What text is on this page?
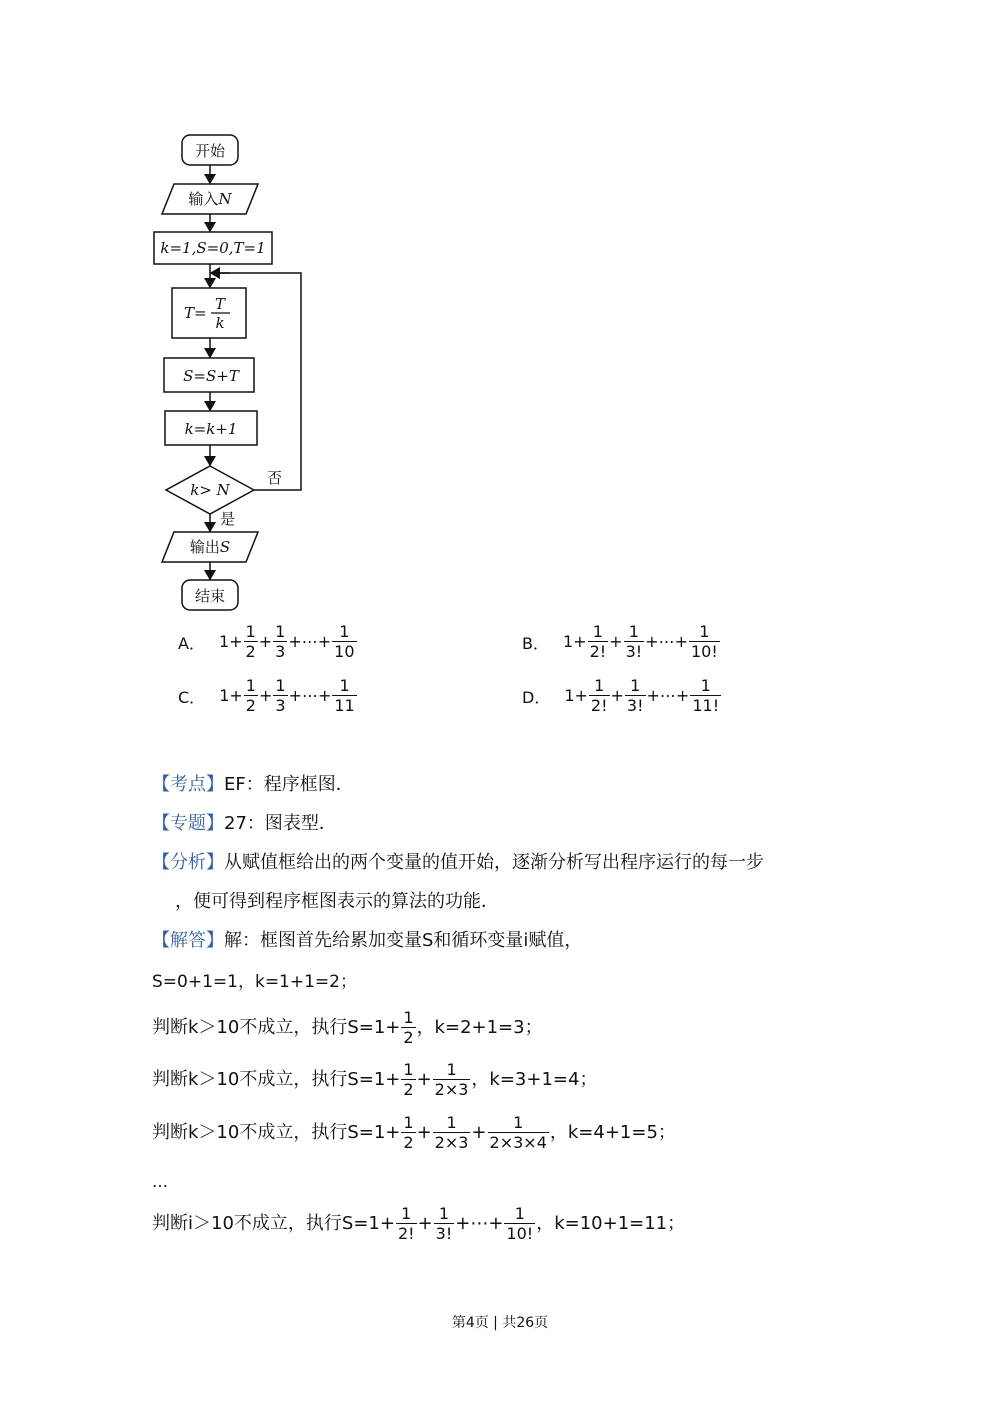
开始
输入N
k=1,S=0,T=1
T= T
k
S=S+T
k=k+1
k> N
否
是
输出S
结束
A． $1+ \frac{1}{2} + \frac{1}{3}$ +⋯+ $\frac{1}{10}$	B． $1+ \frac{1}{2!} + \frac{1}{3!}$ +⋯+ $\frac{1}{10!}$
C． $1+ \frac{1}{2} + \frac{1}{3}$ +⋯+ $\frac{1}{11}$	D． $1+ \frac{1}{2!} + \frac{1}{3!}$ +⋯+ $\frac{1}{11!}$
【考点】 EF：程序框图．
【专题】 27：图表型．
【分析】 从赋值框给出的两个变量的值开始，逐渐分析写出程序运行的每一步
，便可得到程序框图表示的算法的功能．
【解答】 解：框图首先给累加变量S和循环变量i赋值，
S=0+1=1，k=1+1=2；
判断k＞10不成立，执行$S=1+ \frac{1}{2}$ ，k=2+1=3；
判断k＞10不成立，执行$S=1+ \frac{1}{2} + \frac{1}{2\times 3}$ ，k=3+1=4；
判断k＞10不成立，执行$S=1+ \frac{1}{2} + \frac{1}{2\times 3} + \frac{1}{2\times 3\times 4}$ ，k=4+1=5；
…
判断i＞10不成立，执行$S= 1+ \frac{1}{2!} + \frac{1}{3!}$ +⋯+ $\frac{1}{10!}$ ，k=10+1=11；
第4页 | 共26页
